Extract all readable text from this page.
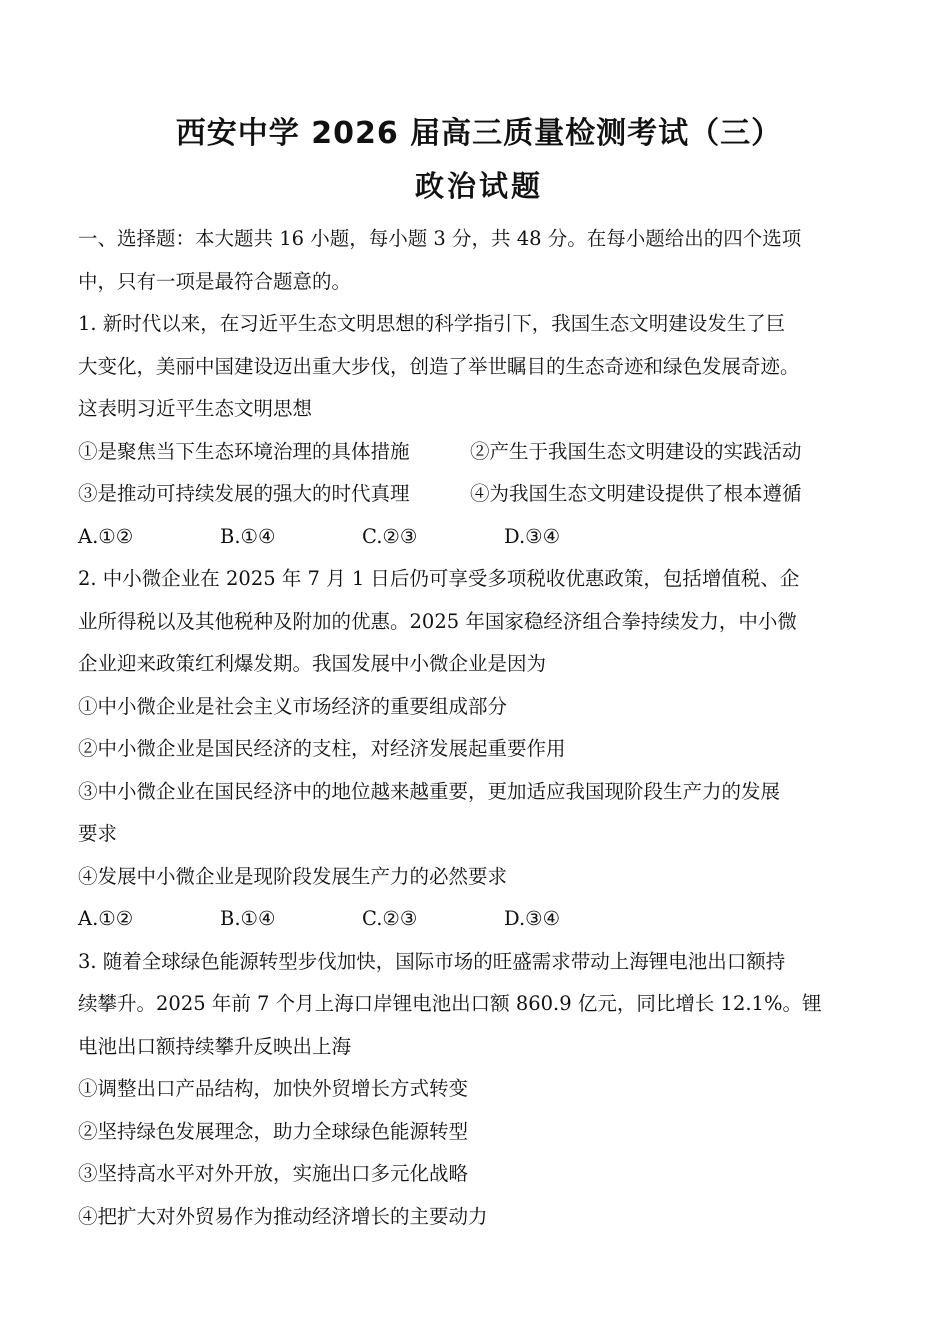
西安中学 2026 届高三质量检测考试（三）
政治试题

一、选择题：本大题共 16 小题，每小题 3 分，共 48 分。在每小题给出的四个选项

中，只有一项是最符合题意的。

1. 新时代以来，在习近平生态文明思想的科学指引下，我国生态文明建设发生了巨

大变化，美丽中国建设迈出重大步伐，创造了举世瞩目的生态奇迹和绿色发展奇迹。

这表明习近平生态文明思想

①是聚焦当下生态环境治理的具体措施	②产生于我国生态文明建设的实践活动
③是推动可持续发展的强大的时代真理	④为我国生态文明建设提供了根本遵循
A.①②	B.①④	C.②③	D.③④

2. 中小微企业在 2025 年 7 月 1 日后仍可享受多项税收优惠政策，包括增值税、企

业所得税以及其他税种及附加的优惠。2025 年国家稳经济组合拳持续发力，中小微

企业迎来政策红利爆发期。我国发展中小微企业是因为

①中小微企业是社会主义市场经济的重要组成部分

②中小微企业是国民经济的支柱，对经济发展起重要作用

③中小微企业在国民经济中的地位越来越重要，更加适应我国现阶段生产力的发展

要求

④发展中小微企业是现阶段发展生产力的必然要求

A.①②	B.①④	C.②③	D.③④

3. 随着全球绿色能源转型步伐加快，国际市场的旺盛需求带动上海锂电池出口额持

续攀升。2025 年前 7 个月上海口岸锂电池出口额 860.9 亿元，同比增长 12.1%。锂

电池出口额持续攀升反映出上海

①调整出口产品结构，加快外贸增长方式转变

②坚持绿色发展理念，助力全球绿色能源转型

③坚持高水平对外开放，实施出口多元化战略

④把扩大对外贸易作为推动经济增长的主要动力
